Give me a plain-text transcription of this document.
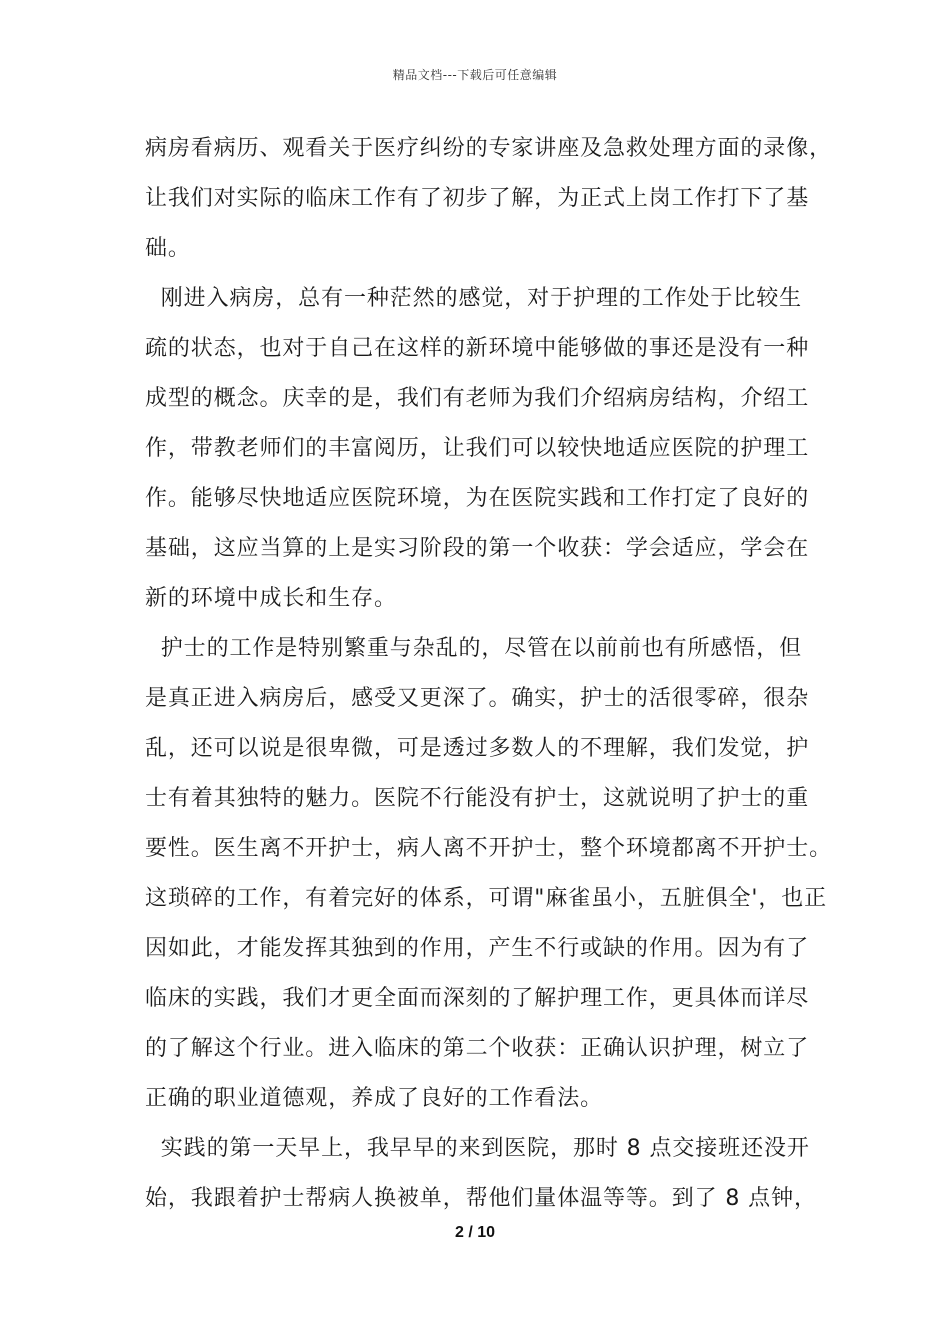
精品文档---下载后可任意编辑
病房看病历、观看关于医疗纠纷的专家讲座及急救处理方面的录像，
让我们对实际的临床工作有了初步了解，为正式上岗工作打下了基
础。
刚进入病房，总有一种茫然的感觉，对于护理的工作处于比较生
疏的状态，也对于自己在这样的新环境中能够做的事还是没有一种
成型的概念。庆幸的是，我们有老师为我们介绍病房结构，介绍工
作，带教老师们的丰富阅历，让我们可以较快地适应医院的护理工
作。能够尽快地适应医院环境，为在医院实践和工作打定了良好的
基础，这应当算的上是实习阶段的第一个收获：学会适应，学会在
新的环境中成长和生存。
护士的工作是特别繁重与杂乱的，尽管在以前前也有所感悟，但
是真正进入病房后，感受又更深了。确实，护士的活很零碎，很杂
乱，还可以说是很卑微，可是透过多数人的不理解，我们发觉，护
士有着其独特的魅力。医院不行能没有护士，这就说明了护士的重
要性。医生离不开护士，病人离不开护士，整个环境都离不开护士。
这琐碎的工作，有着完好的体系，可谓"麻雀虽小，五脏俱全'，也正
因如此，才能发挥其独到的作用，产生不行或缺的作用。因为有了
临床的实践，我们才更全面而深刻的了解护理工作，更具体而详尽
的了解这个行业。进入临床的第二个收获：正确认识护理，树立了
正确的职业道德观，养成了良好的工作看法。
实践的第一天早上，我早早的来到医院，那时 8 点交接班还没开
始，我跟着护士帮病人换被单，帮他们量体温等等。到了 8 点钟，
2 / 10
